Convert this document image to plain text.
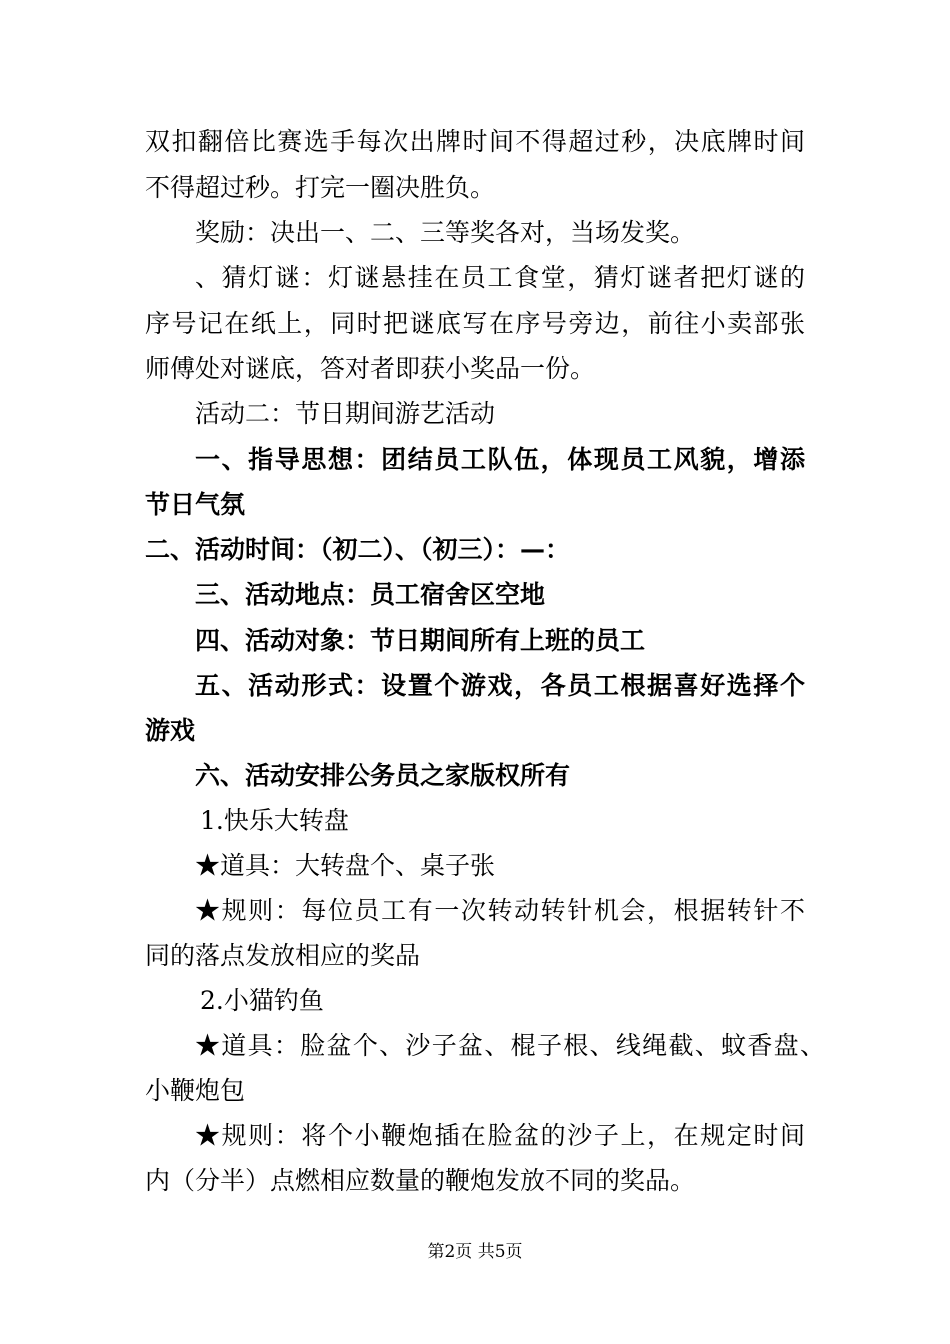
双扣翻倍比赛选手每次出牌时间不得超过秒，决底牌时间
不得超过秒。打完一圈决胜负。
奖励：决出一、二、三等奖各对，当场发奖。
、猜灯谜：灯谜悬挂在员工食堂，猜灯谜者把灯谜的
序号记在纸上，同时把谜底写在序号旁边，前往小卖部张
师傅处对谜底，答对者即获小奖品一份。
活动二：节日期间游艺活动
一、指导思想：团结员工队伍，体现员工风貌，增添
节日气氛
二、活动时间：（初二）、（初三）：—：
三、活动地点：员工宿舍区空地
四、活动对象：节日期间所有上班的员工
五、活动形式：设置个游戏，各员工根据喜好选择个
游戏
六、活动安排公务员之家版权所有
1.快乐大转盘
★道具：大转盘个、桌子张
★规则：每位员工有一次转动转针机会，根据转针不
同的落点发放相应的奖品
2.小猫钓鱼
★道具：脸盆个、沙子盆、棍子根、线绳截、蚊香盘、
小鞭炮包
★规则：将个小鞭炮插在脸盆的沙子上，在规定时间
内（分半）点燃相应数量的鞭炮发放不同的奖品。
第2页 共5页
